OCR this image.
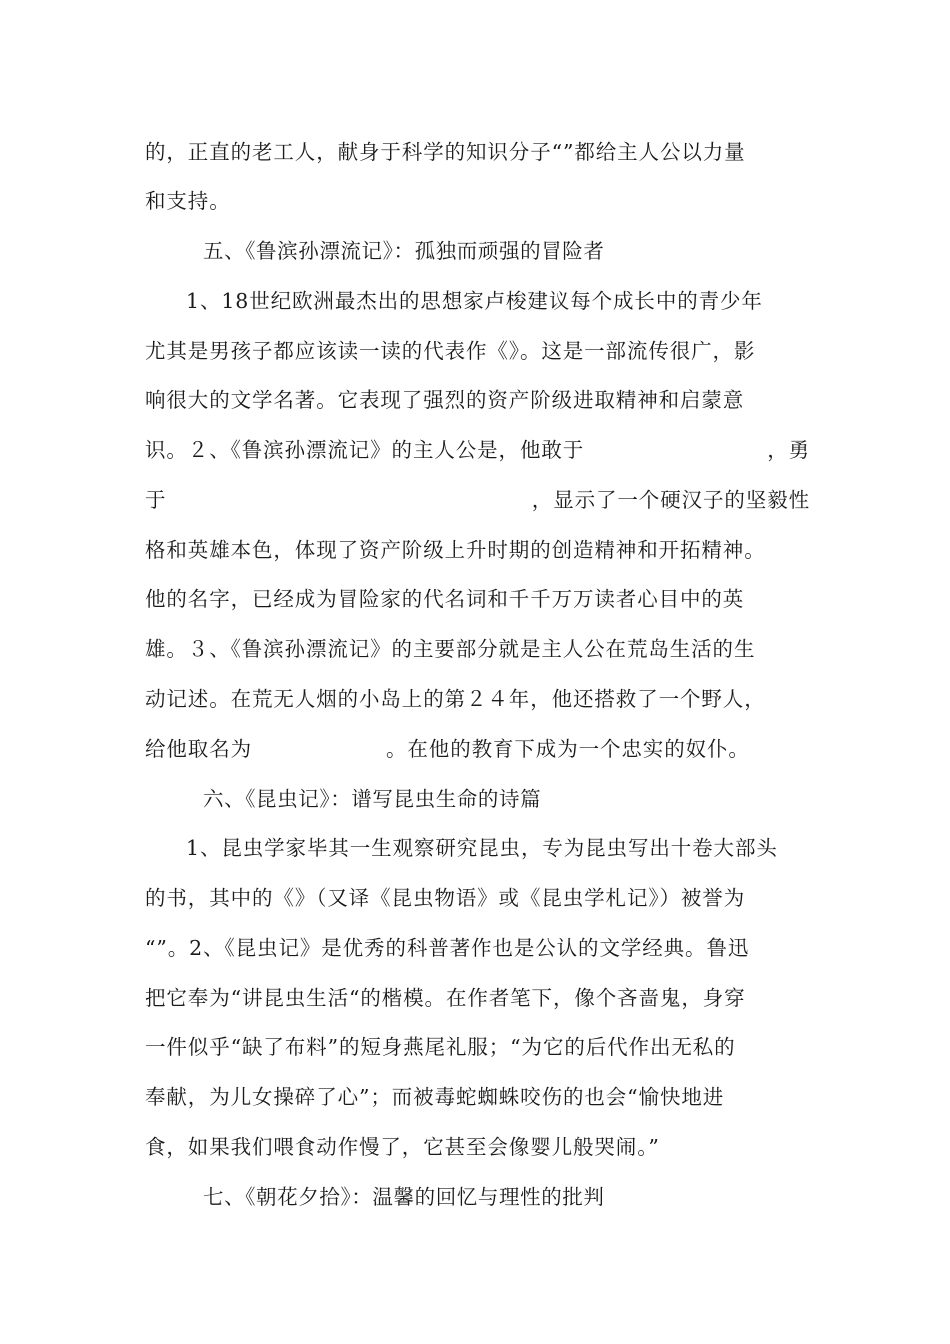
的，正直的老工人，献身于科学的知识分子“”都给主人公以力量
和支持。
五、《鲁滨孙漂流记》：孤独而顽强的冒险者
1、18世纪欧洲最杰出的思想家卢梭建议每个成长中的青少年
尤其是男孩子都应该读一读的代表作《》。这是一部流传很广，影
响很大的文学名著。它表现了强烈的资产阶级进取精神和启蒙意
识。２、《鲁滨孙漂流记》的主人公是，他敢于	，勇
于	，显示了一个硬汉子的坚毅性
格和英雄本色，体现了资产阶级上升时期的创造精神和开拓精神。
他的名字，已经成为冒险家的代名词和千千万万读者心目中的英
雄。３、《鲁滨孙漂流记》的主要部分就是主人公在荒岛生活的生
动记述。在荒无人烟的小岛上的第２４年，他还搭救了一个野人，
给他取名为	。在他的教育下成为一个忠实的奴仆。
六、《昆虫记》：谱写昆虫生命的诗篇
1、昆虫学家毕其一生观察研究昆虫，专为昆虫写出十卷大部头
的书，其中的《》（又译《昆虫物语》或《昆虫学札记》）被誉为
“”。2、《昆虫记》是优秀的科普著作也是公认的文学经典。鲁迅
把它奉为“讲昆虫生活“的楷模。在作者笔下，像个吝啬鬼，身穿
一件似乎“缺了布料”的短身燕尾礼服；“为它的后代作出无私的
奉献，为儿女操碎了心”；而被毒蛇蜘蛛咬伤的也会“愉快地进
食，如果我们喂食动作慢了，它甚至会像婴儿般哭闹。”
七、《朝花夕拾》：温馨的回忆与理性的批判
